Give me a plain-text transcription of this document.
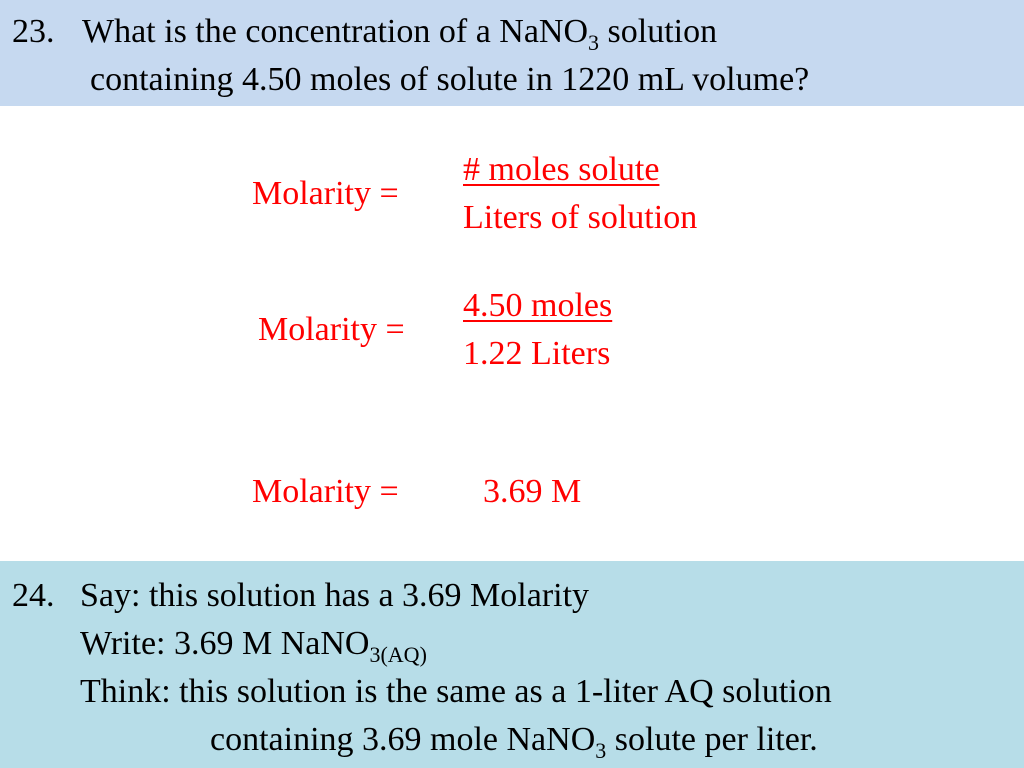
23. What is the concentration of a NaNO$_3$ solution
containing 4.50 moles of solute in 1220 mL volume?
Molarity =
# moles solute
Liters of solution
Molarity =
4.50 moles
1.22 Liters
Molarity = 3.69 M
24. Say: this solution has a 3.69 Molarity
Write: 3.69 M NaNO$_{3(AQ)}$
Think: this solution is the same as a 1-liter AQ solution
containing 3.69 mole NaNO$_3$ solute per liter.
